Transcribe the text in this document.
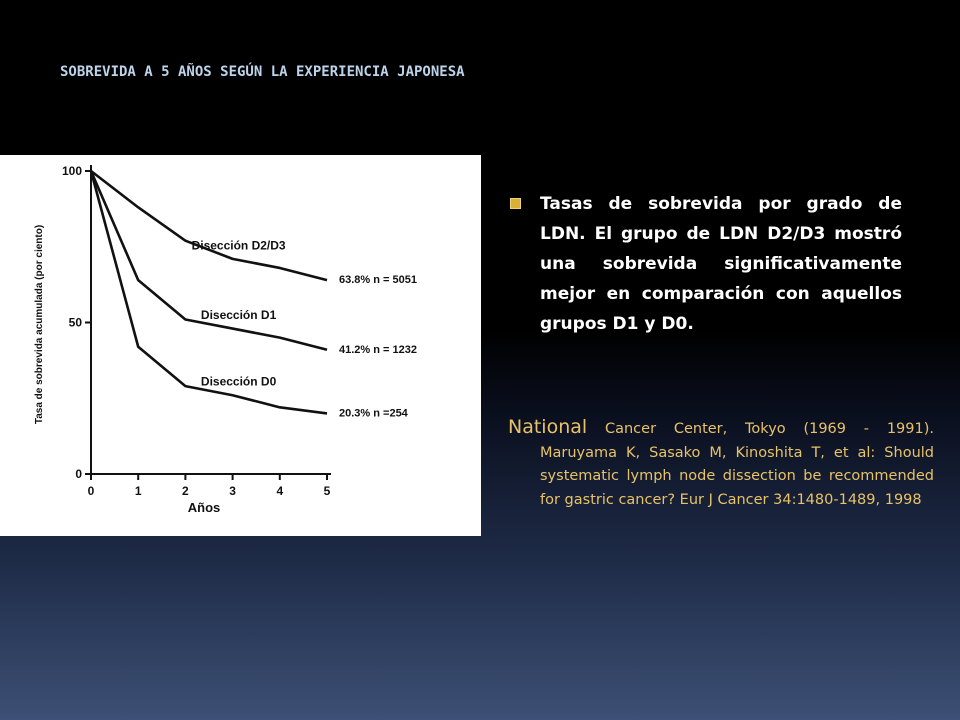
SOBREVIDA A 5 AÑOS SEGÚN LA EXPERIENCIA JAPONESA
0	1	2	3	4	5
0
50
100
Disección D2/D3
63.8% n = 5051
Disección D1
41.2% n = 1232
Disección D0
20.3% n =254
Años
Tasa de sobrevida acumulada (por ciento)
Tasas de sobrevida por grado de LDN. El grupo de LDN D2/D3 mostró una sobrevida significativamente mejor en comparación con aquellos grupos D1 y D0.
National Cancer Center, Tokyo (1969 - 1991). Maruyama K, Sasako M, Kinoshita T, et al: Should systematic lymph node dissection be recommended for gastric cancer? Eur J Cancer 34:1480-1489, 1998
